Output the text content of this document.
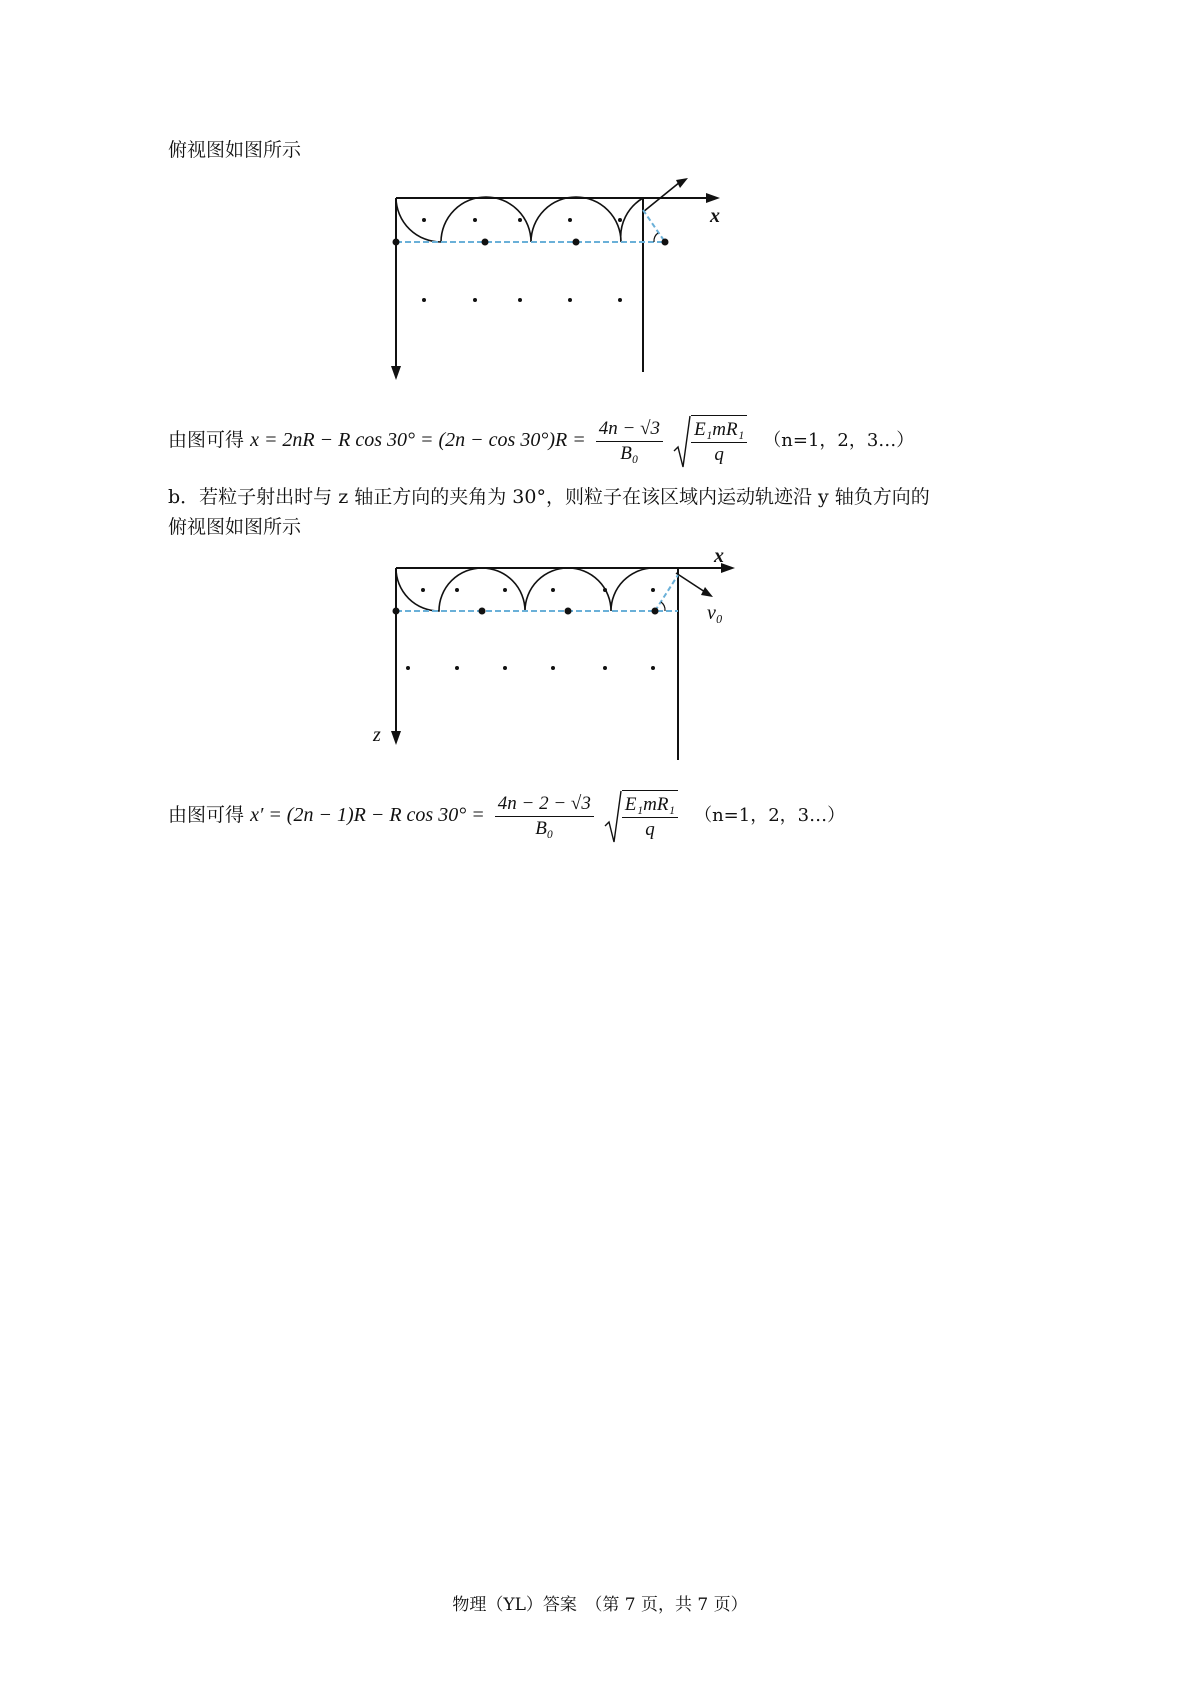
俯视图如图所示
x
由图可得 x = 2nR − R $\cos 30^\circ = (2n - \cos 30^\circ)R = \frac{4n - √3}{\text{B₀}}$
$\frac{\text{E₁mR₁}}{q} (n=1$，2，3…）
b．若粒子射出时与 z 轴正方向的夹角为 30°，则粒子在该区域内运动轨迹沿 y 轴负方向的
俯视图如图所示
x
z
v₀
由图可得 x′ = (2n − 1)R − R $\cos 30^\circ = \frac{4n - 2 - √3}{\text{B₀}}$
$\frac{\text{E₁mR₁}}{q} (n=1$，2，3…）
物理（YL）答案　（第 7 页，共 7 页）
